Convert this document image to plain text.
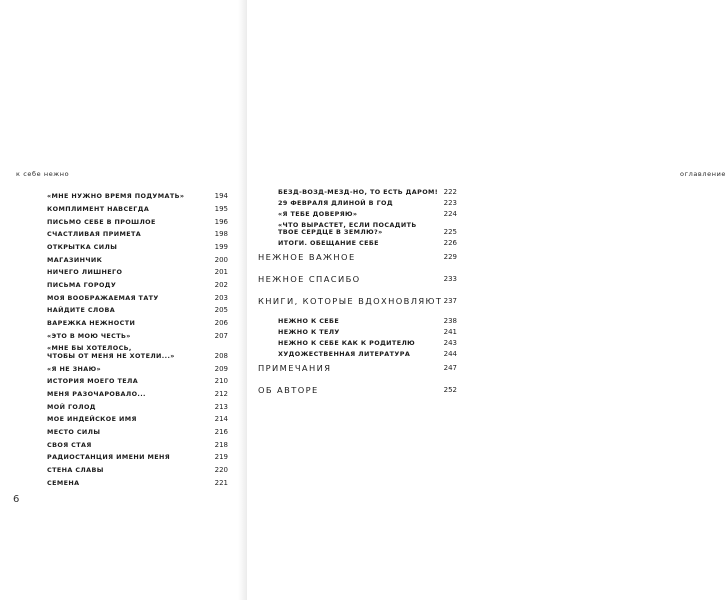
к себе нежно
«МНЕ НУЖНО ВРЕМЯ ПОДУМАТЬ»	194
КОМПЛИМЕНТ НАВСЕГДА	195
ПИСЬМО СЕБЕ В ПРОШЛОЕ	196
СЧАСТЛИВАЯ ПРИМЕТА	198
ОТКРЫТКА СИЛЫ	199
МАГАЗИНЧИК	200
НИЧЕГО ЛИШНЕГО	201
ПИСЬМА ГОРОДУ	202
МОЯ ВООБРАЖАЕМАЯ ТАТУ	203
НАЙДИТЕ СЛОВА	205
ВАРЕЖКА НЕЖНОСТИ	206
«ЭТО В МОЮ ЧЕСТЬ»	207
«МНЕ БЫ ХОТЕЛОСЬ,
ЧТОБЫ ОТ МЕНЯ НЕ ХОТЕЛИ...»	208
«Я НЕ ЗНАЮ»	209
ИСТОРИЯ МОЕГО ТЕЛА	210
МЕНЯ РАЗОЧАРОВАЛО...	212
МОЙ ГОЛОД	213
МОЕ ИНДЕЙСКОЕ ИМЯ	214
МЕСТО СИЛЫ	216
СВОЯ СТАЯ	218
РАДИОСТАНЦИЯ ИМЕНИ МЕНЯ	219
СТЕНА СЛАВЫ	220
СЕМЕНА	221
6
оглавление
БЕЗД-ВОЗД-МЕЗД-НО, ТО ЕСТЬ ДАРОМ! 222
29 ФЕВРАЛЯ ДЛИНОЙ В ГОД	223
«Я ТЕБЕ ДОВЕРЯЮ»	224
«ЧТО ВЫРАСТЕТ, ЕСЛИ ПОСАДИТЬ
ТВОЕ СЕРДЦЕ В ЗЕМЛЮ?»	225
ИТОГИ. ОБЕЩАНИЕ СЕБЕ	226
НЕЖНОЕ ВАЖНОЕ	229
НЕЖНОЕ СПАСИБО	233
КНИГИ, КОТОРЫЕ ВДОХНОВЛЯЮТ 237
НЕЖНО К СЕБЕ	238
НЕЖНО К ТЕЛУ	241
НЕЖНО К СЕБЕ КАК К РОДИТЕЛЮ	243
ХУДОЖЕСТВЕННАЯ ЛИТЕРАТУРА	244
ПРИМЕЧАНИЯ	247
ОБ АВТОРЕ	252
